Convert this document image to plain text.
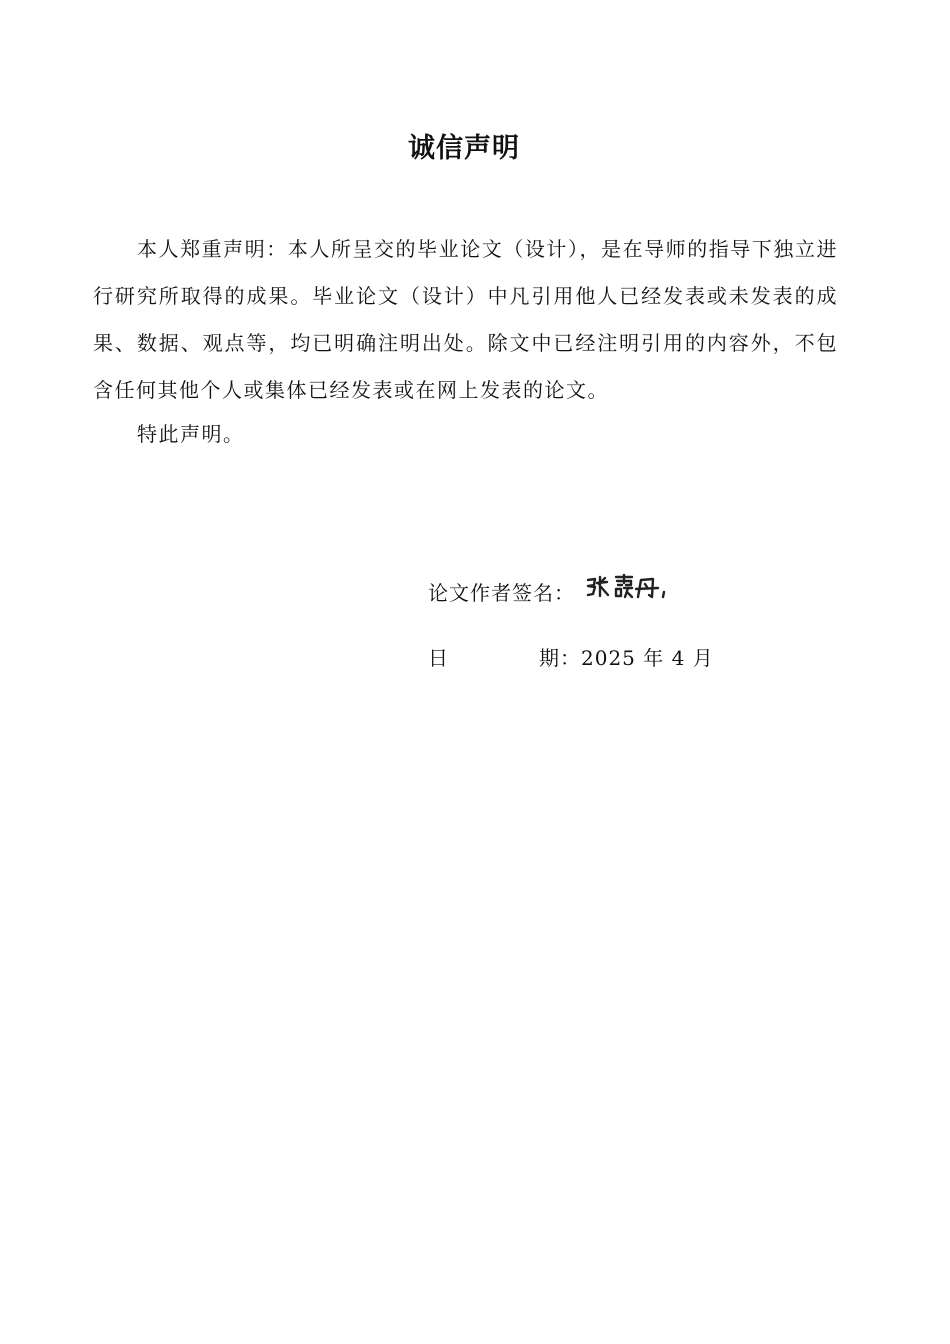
诚信声明

本人郑重声明：本人所呈交的毕业论文（设计），是在导师的指导下独立进行研究所取得的成果。毕业论文（设计）中凡引用他人已经发表或未发表的成果、数据、观点等，均已明确注明出处。除文中已经注明引用的内容外，不包含任何其他个人或集体已经发表或在网上发表的论文。

特此声明。

论文作者签名：
日	期：2025 年 4 月
